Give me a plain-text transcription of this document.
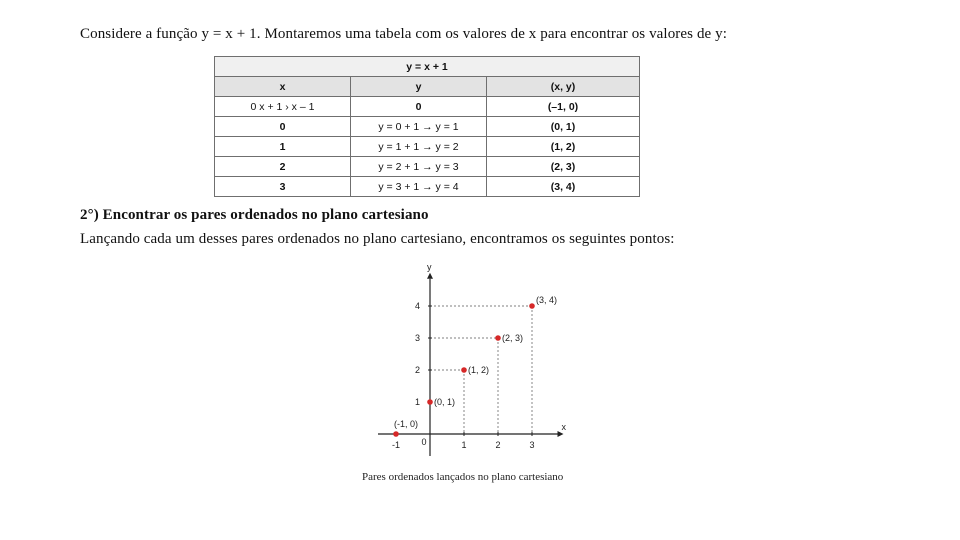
Considere a função y = x + 1. Montaremos uma tabela com os valores de x para encontrar os valores de y:
y = x + 1		
x	y	(x, y)
0 x + 1 › x – 1	0	(–1, 0)
0	y = 0 + 1 → y = 1	(0, 1)
1	y = 1 + 1 → y = 2	(1, 2)
2	y = 2 + 1 → y = 3	(2, 3)
3	y = 3 + 1 → y = 4	(3, 4)
2°) Encontrar os pares ordenados no plano cartesiano
Lançando cada um desses pares ordenados no plano cartesiano, encontramos os seguintes pontos:
-1	1	2	3
1
2
3
4
x
y
0
(-1, 0)
(0, 1)
(1, 2)
(2, 3)
(3, 4)
Pares ordenados lançados no plano cartesiano
